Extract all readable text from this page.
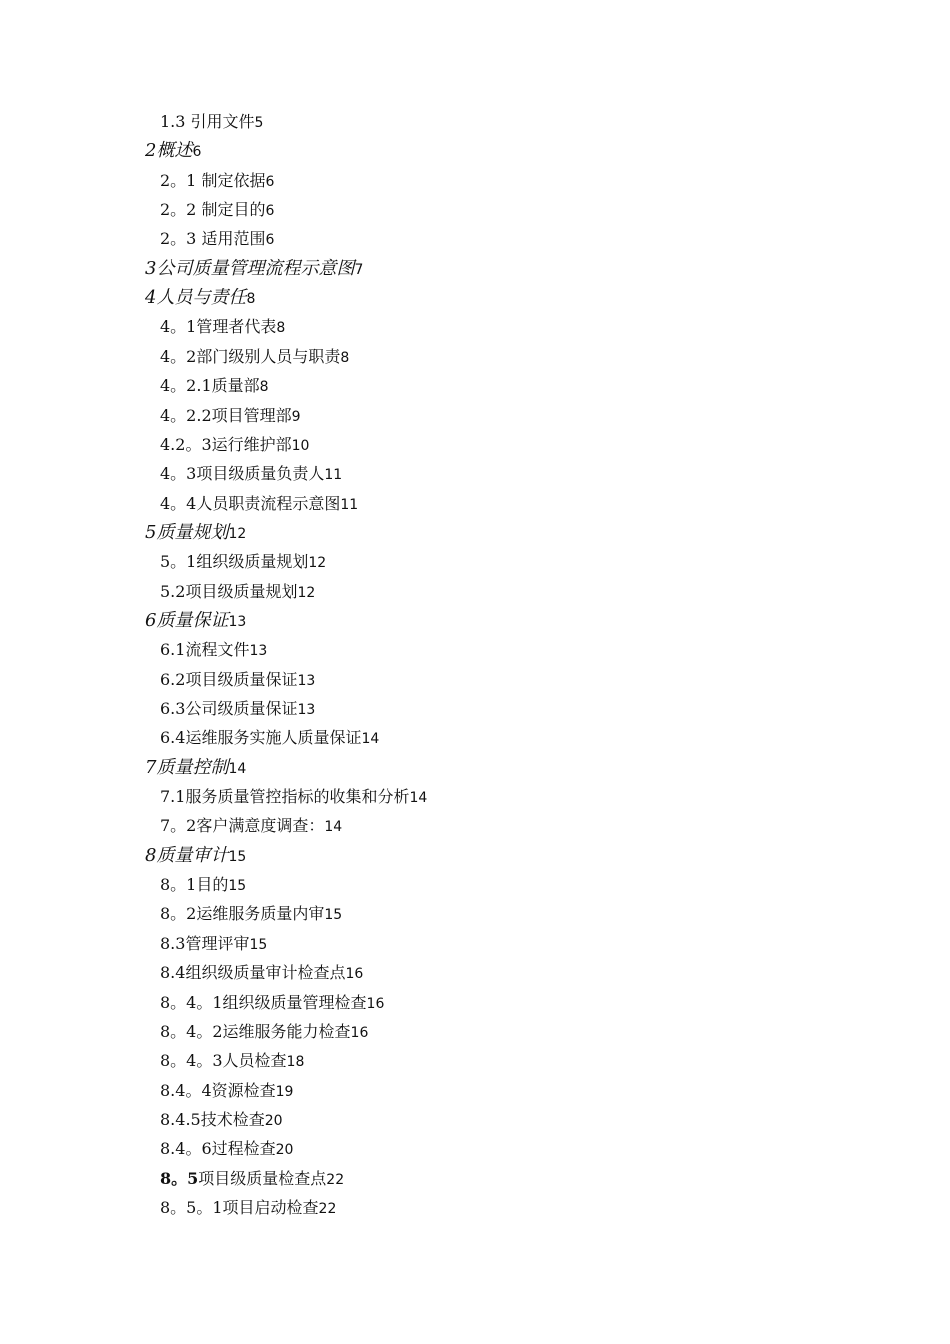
1.3 引用文件5
2概述6
2。1 制定依据6
2。2 制定目的6
2。3 适用范围6
3公司质量管理流程示意图7
4人员与责任8
4。1管理者代表8
4。2部门级别人员与职责8
4。2.1质量部8
4。2.2项目管理部9
4.2。3运行维护部10
4。3项目级质量负责人11
4。4人员职责流程示意图11
5质量规划12
5。1组织级质量规划12
5.2项目级质量规划12
6质量保证13
6.1流程文件13
6.2项目级质量保证13
6.3公司级质量保证13
6.4运维服务实施人质量保证14
7质量控制14
7.1服务质量管控指标的收集和分析14
7。2客户满意度调查：14
8质量审计15
8。1目的15
8。2运维服务质量内审15
8.3管理评审15
8.4组织级质量审计检查点16
8。4。1组织级质量管理检查16
8。4。2运维服务能力检查16
8。4。3人员检查18
8.4。4资源检查19
8.4.5技术检查20
8.4。6过程检查20
8。5项目级质量检查点22
8。5。1项目启动检查22
